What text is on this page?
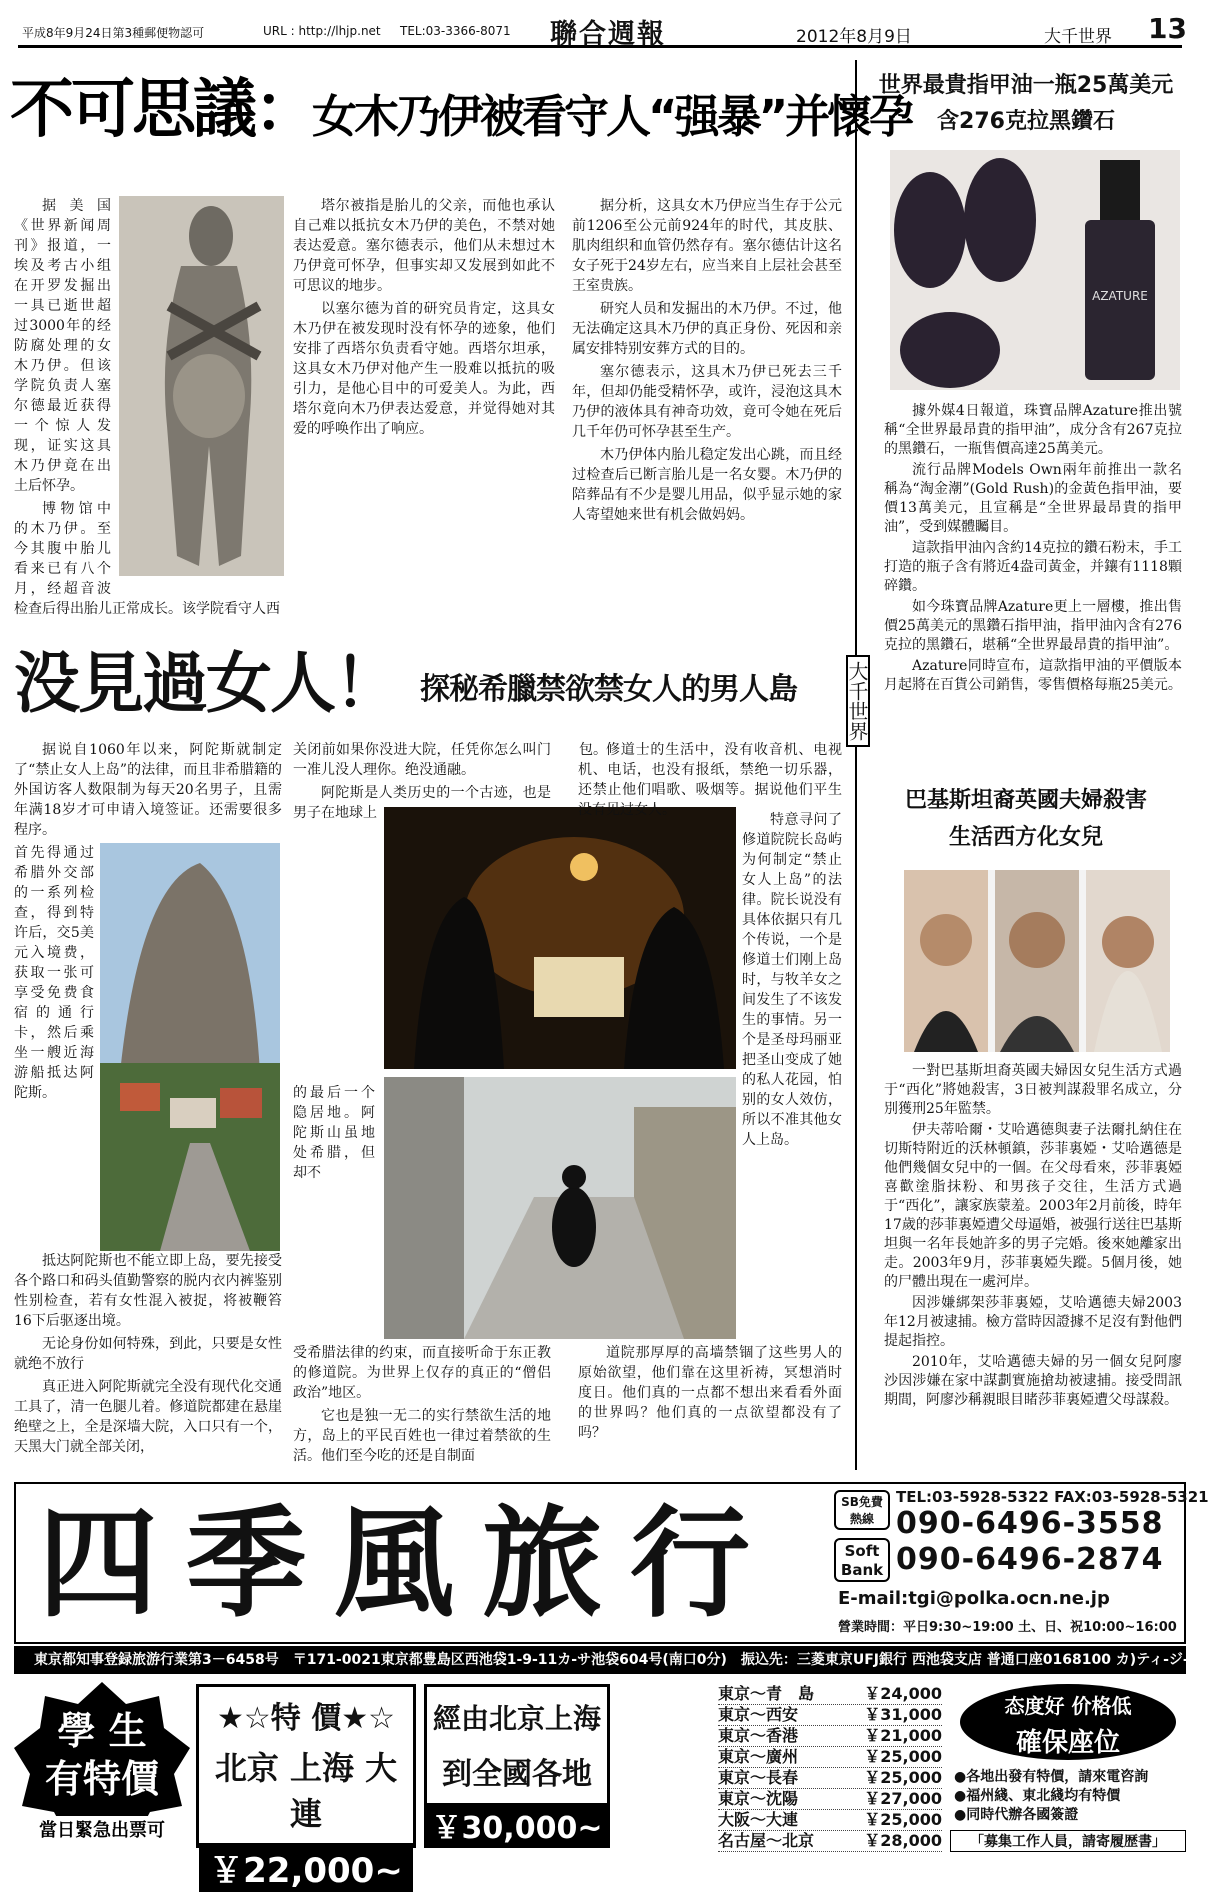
平成8年9月24日第3種郵便物認可	URL : http://lhjp.net TEL:03-3366-8071 聯合週報	2012年8月9日	大千世界 13
不可思議：
女木乃伊被看守人“强暴”并懷孕

据美国《世界新闻周刊》报道，一埃及考古小组在开罗发掘出一具已逝世超过3000年的经防腐处理的女木乃伊。但该学院负责人塞尔德最近获得一个惊人发现，证实这具木乃伊竟在出土后怀孕。

博物馆中的木乃伊。至今其腹中胎儿看来已有八个月，经超音波检查后得出胎儿正常成长。该学院看守人西

塔尔被指是胎儿的父亲，而他也承认自己难以抵抗女木乃伊的美色，不禁对她表达爱意。塞尔德表示，他们从未想过木乃伊竟可怀孕，但事实却又发展到如此不可思议的地步。

以塞尔德为首的研究员肯定，这具女木乃伊在被发现时没有怀孕的迹象，他们安排了西塔尔负责看守她。西塔尔坦承，这具女木乃伊对他产生一股难以抵抗的吸引力，是他心目中的可爱美人。为此，西塔尔竟向木乃伊表达爱意，并觉得她对其爱的呼唤作出了响应。

据分析，这具女木乃伊应当生存于公元前1206至公元前924年的时代，其皮肤、肌肉组织和血管仍然存有。塞尔德估计这名女子死于24岁左右，应当来自上层社会甚至王室贵族。

研究人员和发掘出的木乃伊。不过，他无法确定这具木乃伊的真正身份、死因和亲属安排特别安葬方式的目的。

塞尔德表示，这具木乃伊已死去三千年，但却仍能受精怀孕，或许，浸泡这具木乃伊的液体具有神奇功效，竟可令她在死后几千年仍可怀孕甚至生产。

木乃伊体内胎儿稳定发出心跳，而且经过检查后已断言胎儿是一名女婴。木乃伊的陪葬品有不少是婴儿用品，似乎显示她的家人寄望她来世有机会做妈妈。

没見過女人！ 探秘希臘禁欲禁女人的男人島

据说自1060年以来，阿陀斯就制定了“禁止女人上岛”的法律，而且非希腊籍的外国访客人数限制为每天20名男子，且需年满18岁才可申请入境签证。还需要很多程序。

首先得通过希腊外交部的一系列检查，得到特许后，交5美元入境费，获取一张可享受免费食宿的通行卡，然后乘坐一艘近海游船抵达阿陀斯。

抵达阿陀斯也不能立即上岛，要先接受各个路口和码头值勤警察的脱内衣内裤鉴别性别检查，若有女性混入被捉，将被鞭笞16下后驱逐出境。

无论身份如何特殊，到此，只要是女性就绝不放行

真正进入阿陀斯就完全没有现代化交通工具了，清一色腿儿着。修道院都建在悬崖绝壁之上，全是深墙大院，入口只有一个，天黑大门就全部关闭，

关闭前如果你没进大院，任凭你怎么叫门一准儿没人理你。绝没通融。

阿陀斯是人类历史的一个古迹，也是男子在地球上

包。

的最后一个隐居地。阿陀斯山虽地处希腊，但却不

受希腊法律的约束，而直接听命于东正教的修道院。为世界上仅存的真正的“僧侣政治”地区。

它也是独一无二的实行禁欲生活的地方，岛上的平民百姓也一律过着禁欲的生活。他们至今吃的还是自制面

修道士的生活中，没有收音机、电视机、电话，也没有报纸，禁绝一切乐器，还禁止他们唱歌、吸烟等。据说他们平生没有见过女人。

特意寻问了修道院院长岛屿为何制定“禁止女人上岛”的法律。院长说没有具体依据只有几个传说，一个是修道士们刚上岛时，与牧羊女之间发生了不该发生的事情。另一个是圣母玛丽亚把圣山变成了她的私人花园，怕别的女人效仿，所以不准其他女人上岛。

道院那厚厚的高墙禁锢了这些男人的原始欲望，他们靠在这里祈祷，冥想消时度日。他们真的一点都不想出来看看外面的世界吗？他们真的一点欲望都没有了吗？

世界最貴指甲油一瓶25萬美元
含276克拉黑鑽石
AZATURE

據外媒4日報道，珠寶品牌Azature推出號稱“全世界最昂貴的指甲油”，成分含有267克拉的黑鑽石，一瓶售價高達25萬美元。

流行品牌Models Own兩年前推出一款名稱為“淘金潮”(Gold Rush)的金黃色指甲油，要價13萬美元，且宣稱是“全世界最昂貴的指甲油”，受到媒體矚目。

這款指甲油內含約14克拉的鑽石粉末，手工打造的瓶子含有將近4盎司黃金，并鑲有1118顆碎鑽。

如今珠寶品牌Azature更上一層樓，推出售價25萬美元的黑鑽石指甲油，指甲油內含有276克拉的黑鑽石，堪稱“全世界最昂貴的指甲油”。

Azature同時宣布，這款指甲油的平價版本月起將在百貨公司銷售，零售價格每瓶25美元。

大千世界
巴基斯坦裔英國夫婦殺害
生活西方化女兒

一對巴基斯坦裔英國夫婦因女兒生活方式過于“西化”將她殺害，3日被判謀殺罪名成立，分別獲刑25年監禁。

伊夫蒂哈爾・艾哈邁德與妻子法爾扎納住在切斯特附近的沃林頓鎮，莎菲裏婭・艾哈邁德是他們幾個女兒中的一個。在父母看來，莎菲裏婭喜歡塗脂抹粉、和男孩子交往，生活方式過于“西化”，讓家族蒙羞。2003年2月前後，時年17歲的莎菲裏婭遭父母逼婚，被强行送往巴基斯坦與一名年長她許多的男子完婚。後來她離家出走。2003年9月，莎菲裏婭失蹤。5個月後，她的尸體出現在一處河岸。

因涉嫌綁架莎菲裏婭，艾哈邁德夫婦2003年12月被逮捕。檢方當時因證據不足沒有對他們提起指控。

2010年，艾哈邁德夫婦的另一個女兒阿廖沙因涉嫌在家中謀劃實施搶劫被逮捕。接受問訊期間，阿廖沙稱親眼目睹莎菲裏婭遭父母謀殺。

四季風旅行	SB免費熱線
Soft Bank
TEL:03-5928-5322 FAX:03-5928-5321
090-6496-3558
090-6496-2874
E-mail:tgi@polka.ocn.ne.jp
營業時間：平日9:30~19:00 土、日、祝10:00~16:00
東京都知事登録旅游行業第3－6458号　〒171-0021東京都豊島区西池袋1-9-11カ-サ池袋604号(南口0分)　振込先：三菱東京UFJ銀行 西池袋支店 普通口座0168100 カ)ティ-ジ-アイ
學 生
有特價
當日緊急出票可
★☆特 價★☆
北京 上海 大連
￥22,000~
經由北京上海
到全國各地
￥30,000~
東京～青　島	￥24,000
東京～西安	￥31,000
東京～香港	￥21,000
東京～廣州	￥25,000
東京～長春	￥25,000
東京～沈陽	￥27,000
大阪～大連	￥25,000
名古屋～北京	￥28,000
态度好 价格低
確保座位
●各地出發有特價，請來電咨詢
●福州綫、東北綫均有特價
●同時代辦各國簽證
「募集工作人員，請寄履歴書」
